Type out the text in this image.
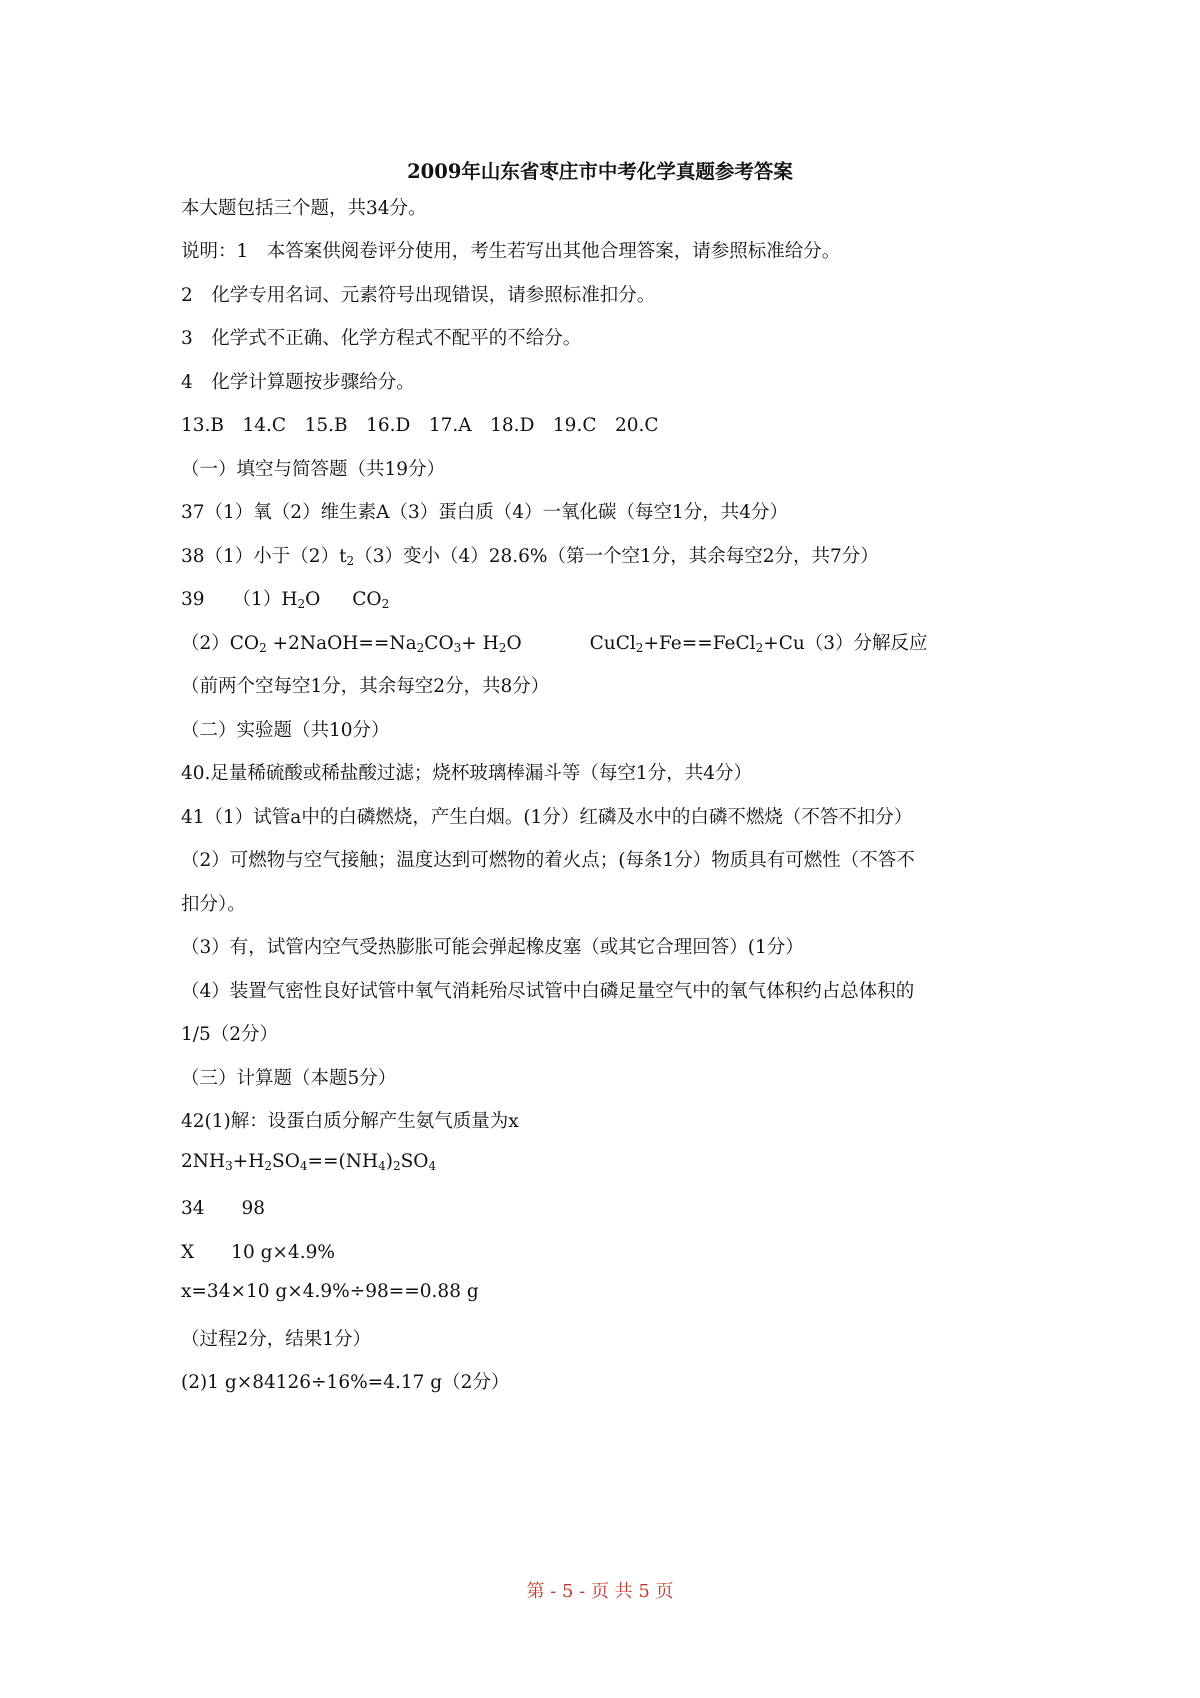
2009年山东省枣庄市中考化学真题参考答案
本大题包括三个题，共34分。
说明：1　本答案供阅卷评分使用，考生若写出其他合理答案，请参照标准给分。
2　化学专用名词、元素符号出现错误，请参照标准扣分。
3　化学式不正确、化学方程式不配平的不给分。
4　化学计算题按步骤给分。
13.B　14.C　15.B　16.D　17.A　18.D　19.C　20.C
（一）填空与简答题（共19分）
37（1）氧（2）维生素A（3）蛋白质（4）一氧化碳（每空1分，共4分）
38（1）小于$(2)t_2(3)$变小（4）28.6%（第一个空1分，其余每空2分，共7分）
39 $(1)H_2O$ $CO_2$
$(2)CO_2$ $+2NaOH==Na_2CO_3+ H_2O$	CuCl$_2$+Fe==FeCl$_2$+Cu（3）分解反应
（前两个空每空1分，其余每空2分，共8分）
（二）实验题（共10分）
40.足量稀硫酸或稀盐酸过滤；烧杯玻璃棒漏斗等（每空1分，共4分）
41（1）试管a中的白磷燃烧，产生白烟。(1分）红磷及水中的白磷不燃烧（不答不扣分）
（2）可燃物与空气接触；温度达到可燃物的着火点；(每条1分）物质具有可燃性（不答不
扣分）。
（3）有，试管内空气受热膨胀可能会弹起橡皮塞（或其它合理回答）(1分）
（4）装置气密性良好试管中氧气消耗殆尽试管中白磷足量空气中的氧气体积约占总体积的
1/5（2分）
（三）计算题（本题5分）
42(1)解：设蛋白质分解产生氨气质量为x
$2NH_3+H_2SO_4==(NH_4)_2SO_4$
34　　98
X　　10 g×4.9%
x=34×10 g×4.9%÷98==0.88 g
（过程2分，结果1分）
(2)1 g×84126÷16%=4.17 g（2分）
第 - 5 - 页 共 5 页
